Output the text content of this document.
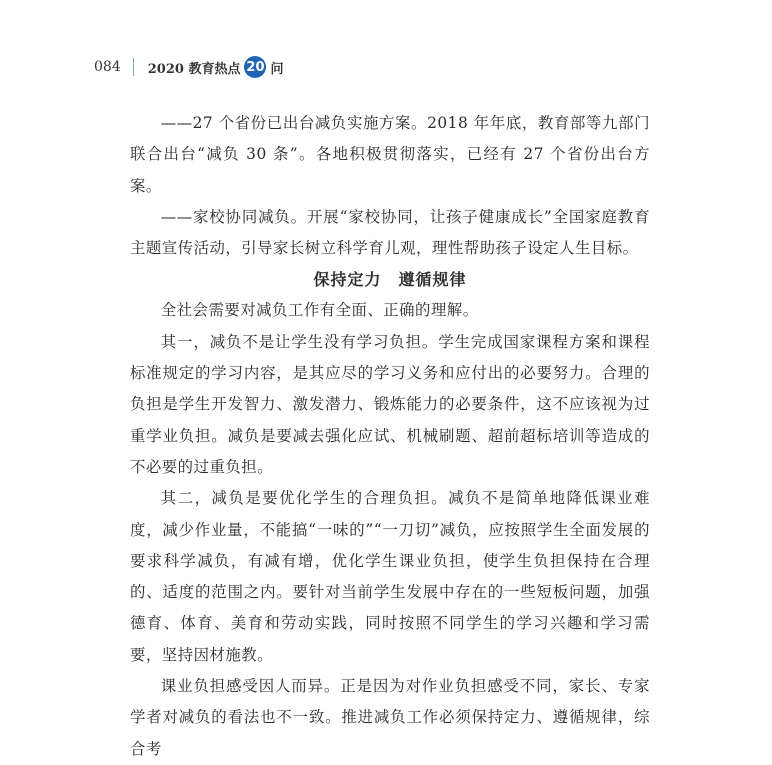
084 2020 教育热点 20 问

——27 个省份已出台减负实施方案。2018 年年底，教育部等九部门联合出台“减负 30 条”。各地积极贯彻落实，已经有 27 个省份出台方案。

——家校协同减负。开展“家校协同，让孩子健康成长”全国家庭教育主题宣传活动，引导家长树立科学育儿观，理性帮助孩子设定人生目标。

保持定力　遵循规律

全社会需要对减负工作有全面、正确的理解。

其一，减负不是让学生没有学习负担。学生完成国家课程方案和课程标准规定的学习内容，是其应尽的学习义务和应付出的必要努力。合理的负担是学生开发智力、激发潜力、锻炼能力的必要条件，这不应该视为过重学业负担。减负是要减去强化应试、机械刷题、超前超标培训等造成的不必要的过重负担。

其二，减负是要优化学生的合理负担。减负不是简单地降低课业难度，减少作业量，不能搞“一味的”“一刀切”减负，应按照学生全面发展的要求科学减负，有减有增，优化学生课业负担，使学生负担保持在合理的、适度的范围之内。要针对当前学生发展中存在的一些短板问题，加强德育、体育、美育和劳动实践，同时按照不同学生的学习兴趣和学习需要，坚持因材施教。

课业负担感受因人而异。正是因为对作业负担感受不同，家长、专家学者对减负的看法也不一致。推进减负工作必须保持定力、遵循规律，综合考
